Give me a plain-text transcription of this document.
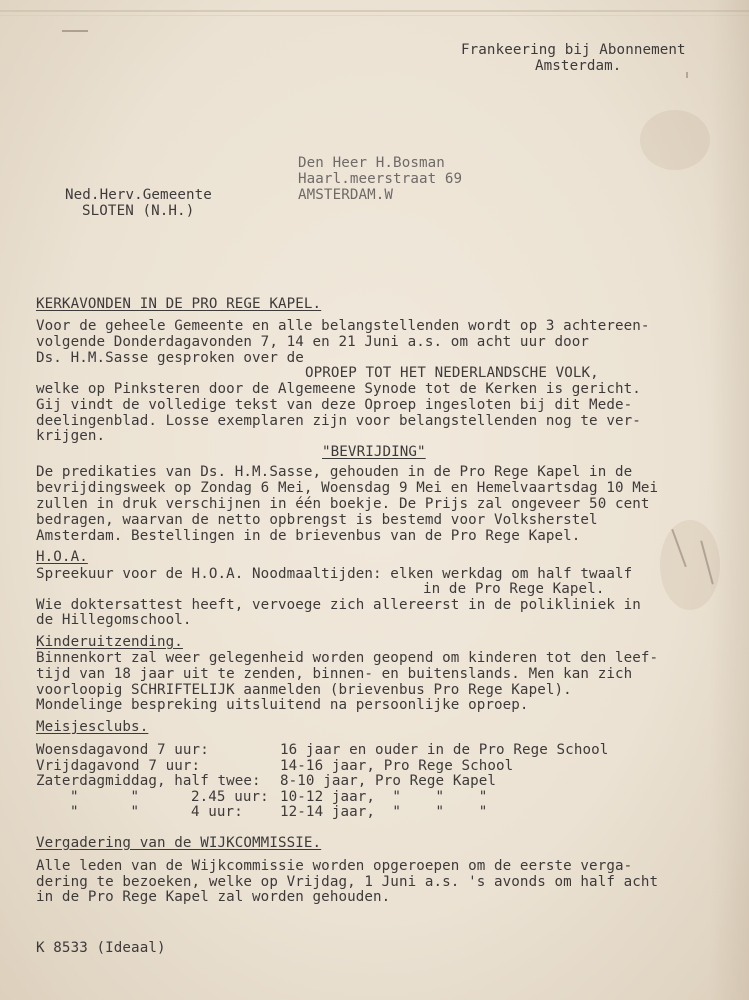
Frankeering bij Abonnement
Amsterdam.
Den Heer H.Bosman
Haarl.meerstraat 69
AMSTERDAM.W
Ned.Herv.Gemeente
SLOTEN (N.H.)
KERKAVONDEN IN DE PRO REGE KAPEL.
Voor de geheele Gemeente en alle belangstellenden wordt op 3 achtereen-
volgende Donderdagavonden 7, 14 en 21 Juni a.s. om acht uur door
Ds. H.M.Sasse gesproken over de
OPROEP TOT HET NEDERLANDSCHE VOLK,
welke op Pinksteren door de Algemeene Synode tot de Kerken is gericht.
Gij vindt de volledige tekst van deze Oproep ingesloten bij dit Mede-
deelingenblad. Losse exemplaren zijn voor belangstellenden nog te ver-
krijgen.
"BEVRIJDING"
De predikaties van Ds. H.M.Sasse, gehouden in de Pro Rege Kapel in de
bevrijdingsweek op Zondag 6 Mei, Woensdag 9 Mei en Hemelvaartsdag 10 Mei
zullen in druk verschijnen in één boekje. De Prijs zal ongeveer 50 cent
bedragen, waarvan de netto opbrengst is bestemd voor Volksherstel
Amsterdam. Bestellingen in de brievenbus van de Pro Rege Kapel.
H.O.A.
Spreekuur voor de H.O.A. Noodmaaltijden: elken werkdag om half twaalf
in de Pro Rege Kapel.
Wie doktersattest heeft, vervoege zich allereerst in de polikliniek in
de Hillegomschool.
Kinderuitzending.
Binnenkort zal weer gelegenheid worden geopend om kinderen tot den leef-
tijd van 18 jaar uit te zenden, binnen- en buitenslands. Men kan zich
voorloopig SCHRIFTELIJK aanmelden (brievenbus Pro Rege Kapel).
Mondelinge bespreking uitsluitend na persoonlijke oproep.
Meisjesclubs.
Woensdagavond 7 uur:	16 jaar en ouder in de Pro Rege School
Vrijdagavond 7 uur:	14-16 jaar, Pro Rege School
Zaterdagmiddag, half twee: 8-10 jaar, Pro Rege Kapel
"      "      2.45 uur: 10-12 jaar,  "    "    "
"      "      4 uur:	12-14 jaar,  "    "    "
Vergadering van de WIJKCOMMISSIE.
Alle leden van de Wijkcommissie worden opgeroepen om de eerste verga-
dering te bezoeken, welke op Vrijdag, 1 Juni a.s. 's avonds om half acht
in de Pro Rege Kapel zal worden gehouden.
K 8533 (Ideaal)
